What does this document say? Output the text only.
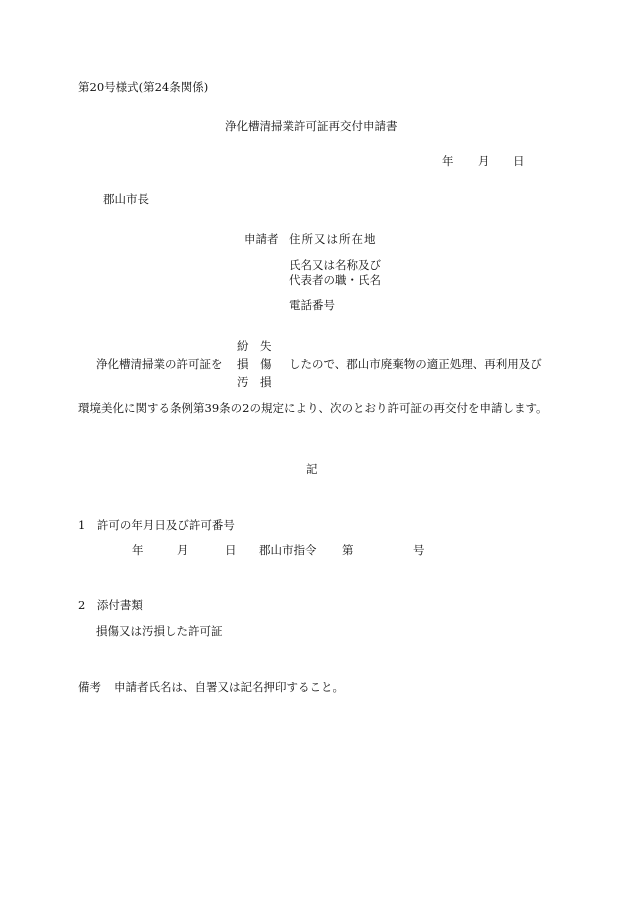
第20号様式(第24条関係)
浄化槽清掃業許可証再交付申請書
年 月 日
郡山市長
申請者 住所又は所在地
氏名又は名称及び
代表者の職・氏名
電話番号
紛　失
浄化槽清掃業の許可証を 損　傷 したので、郡山市廃棄物の適正処理、再利用及び
汚　損
環境美化に関する条例第39条の2の規定により、次のとおり許可証の再交付を申請します。
記
1　許可の年月日及び許可番号
年	月	日 郡山市指令 第	号
2　添付書類
損傷又は汚損した許可証
備考 申請者氏名は、自署又は記名押印すること。
